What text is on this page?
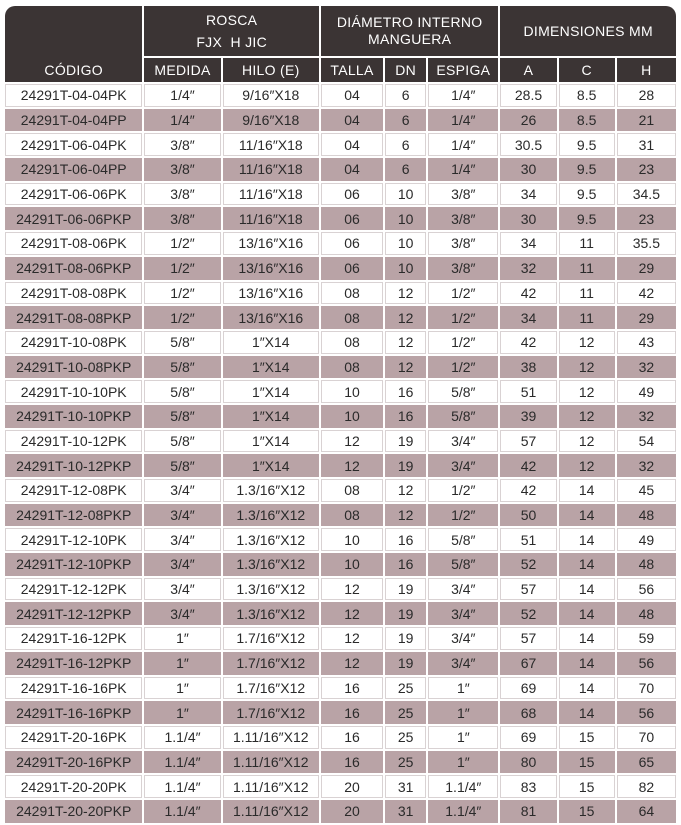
CÓDIGO	ROSCA
FJX  H JIC		DIÁMETRO INTERNO MANGUERA			DIMENSIONES MM		
	MEDIDA	HILO (E)	TALLA	DN	ESPIGA	A	C	H
24291T-04-04PK	1/4″	9/16″X18	04	6	1/4″	28.5	8.5	28
24291T-04-04PP	1/4″	9/16″X18	04	6	1/4″	26	8.5	21
24291T-06-04PK	3/8″	11/16″X18	04	6	1/4″	30.5	9.5	31
24291T-06-04PP	3/8″	11/16″X18	04	6	1/4″	30	9.5	23
24291T-06-06PK	3/8″	11/16″X18	06	10	3/8″	34	9.5	34.5
24291T-06-06PKP	3/8″	11/16″X18	06	10	3/8″	30	9.5	23
24291T-08-06PK	1/2″	13/16″X16	06	10	3/8″	34	11	35.5
24291T-08-06PKP	1/2″	13/16″X16	06	10	3/8″	32	11	29
24291T-08-08PK	1/2″	13/16″X16	08	12	1/2″	42	11	42
24291T-08-08PKP	1/2″	13/16″X16	08	12	1/2″	34	11	29
24291T-10-08PK	5/8″	1″X14	08	12	1/2″	42	12	43
24291T-10-08PKP	5/8″	1″X14	08	12	1/2″	38	12	32
24291T-10-10PK	5/8″	1″X14	10	16	5/8″	51	12	49
24291T-10-10PKP	5/8″	1″X14	10	16	5/8″	39	12	32
24291T-10-12PK	5/8″	1″X14	12	19	3/4″	57	12	54
24291T-10-12PKP	5/8″	1″X14	12	19	3/4″	42	12	32
24291T-12-08PK	3/4″	1.3/16″X12	08	12	1/2″	42	14	45
24291T-12-08PKP	3/4″	1.3/16″X12	08	12	1/2″	50	14	48
24291T-12-10PK	3/4″	1.3/16″X12	10	16	5/8″	51	14	49
24291T-12-10PKP	3/4″	1.3/16″X12	10	16	5/8″	52	14	48
24291T-12-12PK	3/4″	1.3/16″X12	12	19	3/4″	57	14	56
24291T-12-12PKP	3/4″	1.3/16″X12	12	19	3/4″	52	14	48
24291T-16-12PK	1″	1.7/16″X12	12	19	3/4″	57	14	59
24291T-16-12PKP	1″	1.7/16″X12	12	19	3/4″	67	14	56
24291T-16-16PK	1″	1.7/16″X12	16	25	1″	69	14	70
24291T-16-16PKP	1″	1.7/16″X12	16	25	1″	68	14	56
24291T-20-16PK	1.1/4″	1.11/16″X12	16	25	1″	69	15	70
24291T-20-16PKP	1.1/4″	1.11/16″X12	16	25	1″	80	15	65
24291T-20-20PK	1.1/4″	1.11/16″X12	20	31	1.1/4″	83	15	82
24291T-20-20PKP	1.1/4″	1.11/16″X12	20	31	1.1/4″	81	15	64
